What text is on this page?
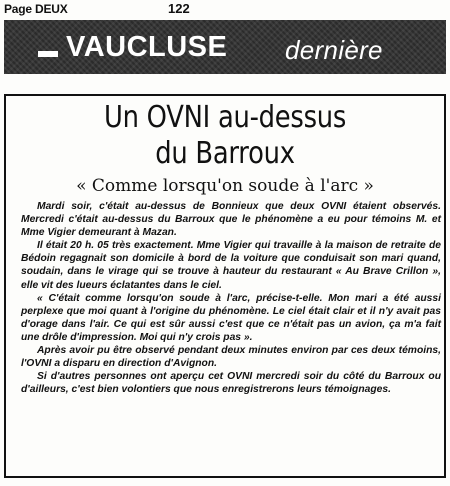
Page DEUX	122
VAUCLUSE dernière
Un OVNI au-dessus
du Barroux
« Comme lorsqu'on soude à l'arc »

Mardi soir, c'était au-dessus de Bonnieux que deux OVNI étaient observés. Mercredi c'était au-dessus du Barroux que le phénomène a eu pour témoins M. et Mme Vigier demeurant à Mazan.

Il était 20 h. 05 très exactement. Mme Vigier qui travaille à la maison de retraite de Bédoin regagnait son domicile à bord de la voiture que conduisait son mari quand, soudain, dans le virage qui se trouve à hauteur du restaurant « Au Brave Crillon », elle vit des lueurs éclatantes dans le ciel.

« C'était comme lorsqu'on soude à l'arc, précise-t-elle. Mon mari a été aussi perplexe que moi quant à l'origine du phénomène. Le ciel était clair et il n'y avait pas d'orage dans l'air. Ce qui est sûr aussi c'est que ce n'était pas un avion, ça m'a fait une drôle d'impression. Moi qui n'y crois pas ».

Après avoir pu être observé pendant deux minutes environ par ces deux témoins, l'OVNI a disparu en direction d'Avignon.

Si d'autres personnes ont aperçu cet OVNI mercredi soir du côté du Barroux ou d'ailleurs, c'est bien volontiers que nous enregistrerons leurs témoignages.
